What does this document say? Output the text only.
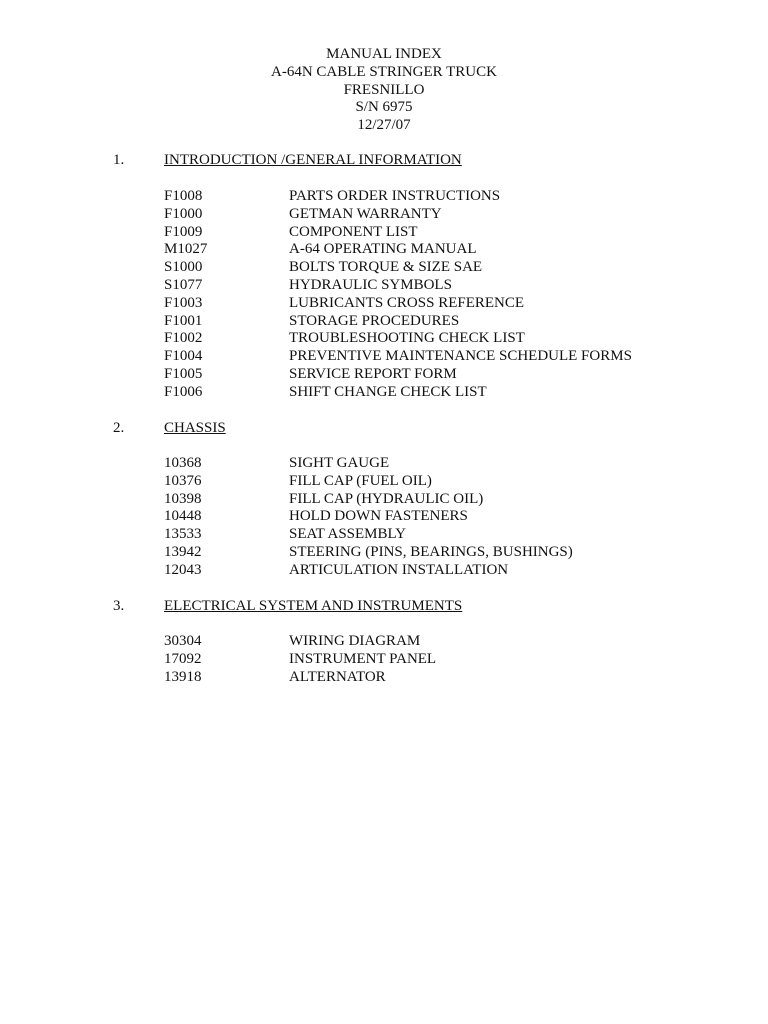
MANUAL INDEX
A-64N CABLE STRINGER TRUCK
FRESNILLO
S/N 6975
12/27/07
1.	INTRODUCTION /GENERAL INFORMATION
F1008	PARTS ORDER INSTRUCTIONS
F1000	GETMAN WARRANTY
F1009	COMPONENT LIST
M1027	A-64 OPERATING MANUAL
S1000	BOLTS TORQUE & SIZE SAE
S1077	HYDRAULIC SYMBOLS
F1003	LUBRICANTS CROSS REFERENCE
F1001	STORAGE PROCEDURES
F1002	TROUBLESHOOTING CHECK LIST
F1004	PREVENTIVE MAINTENANCE SCHEDULE FORMS
F1005	SERVICE REPORT FORM
F1006	SHIFT CHANGE CHECK LIST
2.	CHASSIS
10368	SIGHT GAUGE
10376	FILL CAP (FUEL OIL)
10398	FILL CAP (HYDRAULIC OIL)
10448	HOLD DOWN FASTENERS
13533	SEAT ASSEMBLY
13942	STEERING (PINS, BEARINGS, BUSHINGS)
12043	ARTICULATION INSTALLATION
3.	ELECTRICAL SYSTEM AND INSTRUMENTS
30304	WIRING DIAGRAM
17092	INSTRUMENT PANEL
13918	ALTERNATOR
